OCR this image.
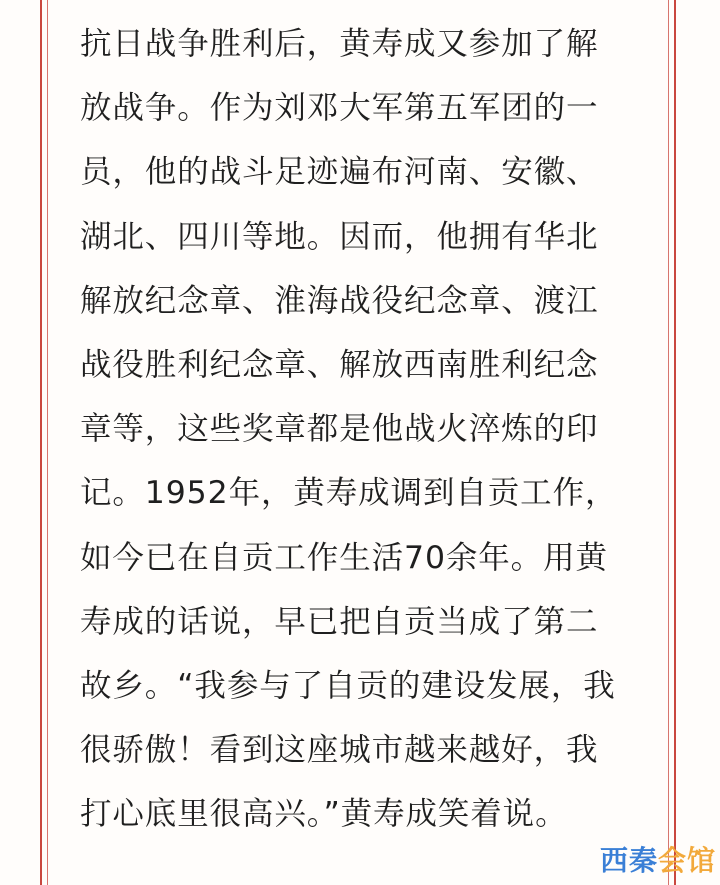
抗日战争胜利后，黄寿成又参加了解
放战争。作为刘邓大军第五军团的一
员，他的战斗足迹遍布河南、安徽、
湖北、四川等地。因而，他拥有华北
解放纪念章、淮海战役纪念章、渡江
战役胜利纪念章、解放西南胜利纪念
章等，这些奖章都是他战火淬炼的印
记。1952年，黄寿成调到自贡工作，
如今已在自贡工作生活70余年。用黄
寿成的话说，早已把自贡当成了第二
故乡。“我参与了自贡的建设发展，我
很骄傲！看到这座城市越来越好，我
打心底里很高兴。”黄寿成笑着说。
西秦会馆
